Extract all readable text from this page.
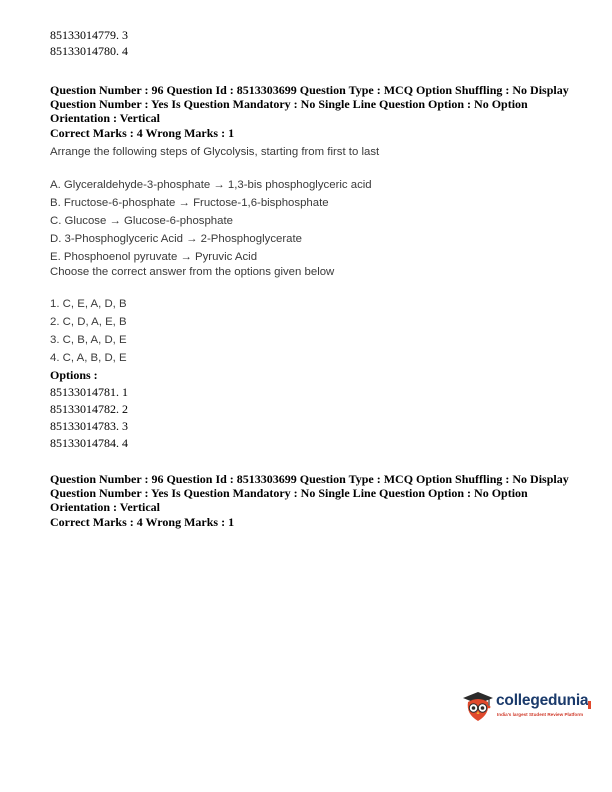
85133014779. 3
85133014780. 4
Question Number : 96 Question Id : 8513303699 Question Type : MCQ Option Shuffling : No Display
Question Number : Yes Is Question Mandatory : No Single Line Question Option : No Option
Orientation : Vertical
Correct Marks : 4 Wrong Marks : 1
Arrange the following steps of Glycolysis, starting from first to last
A. Glyceraldehyde-3-phosphate → 1,3-bis phosphoglyceric acid
B. Fructose-6-phosphate → Fructose-1,6-bisphosphate
C. Glucose → Glucose-6-phosphate
D. 3-Phosphoglyceric Acid → 2-Phosphoglycerate
E. Phosphoenol pyruvate → Pyruvic Acid
Choose the correct answer from the options given below
1. C, E, A, D, B
2. C, D, A, E, B
3. C, B, A, D, E
4. C, A, B, D, E
Options :
85133014781. 1
85133014782. 2
85133014783. 3
85133014784. 4
Question Number : 96 Question Id : 8513303699 Question Type : MCQ Option Shuffling : No Display
Question Number : Yes Is Question Mandatory : No Single Line Question Option : No Option
Orientation : Vertical
Correct Marks : 4 Wrong Marks : 1
collegedunia
India's largest Student Review Platform
